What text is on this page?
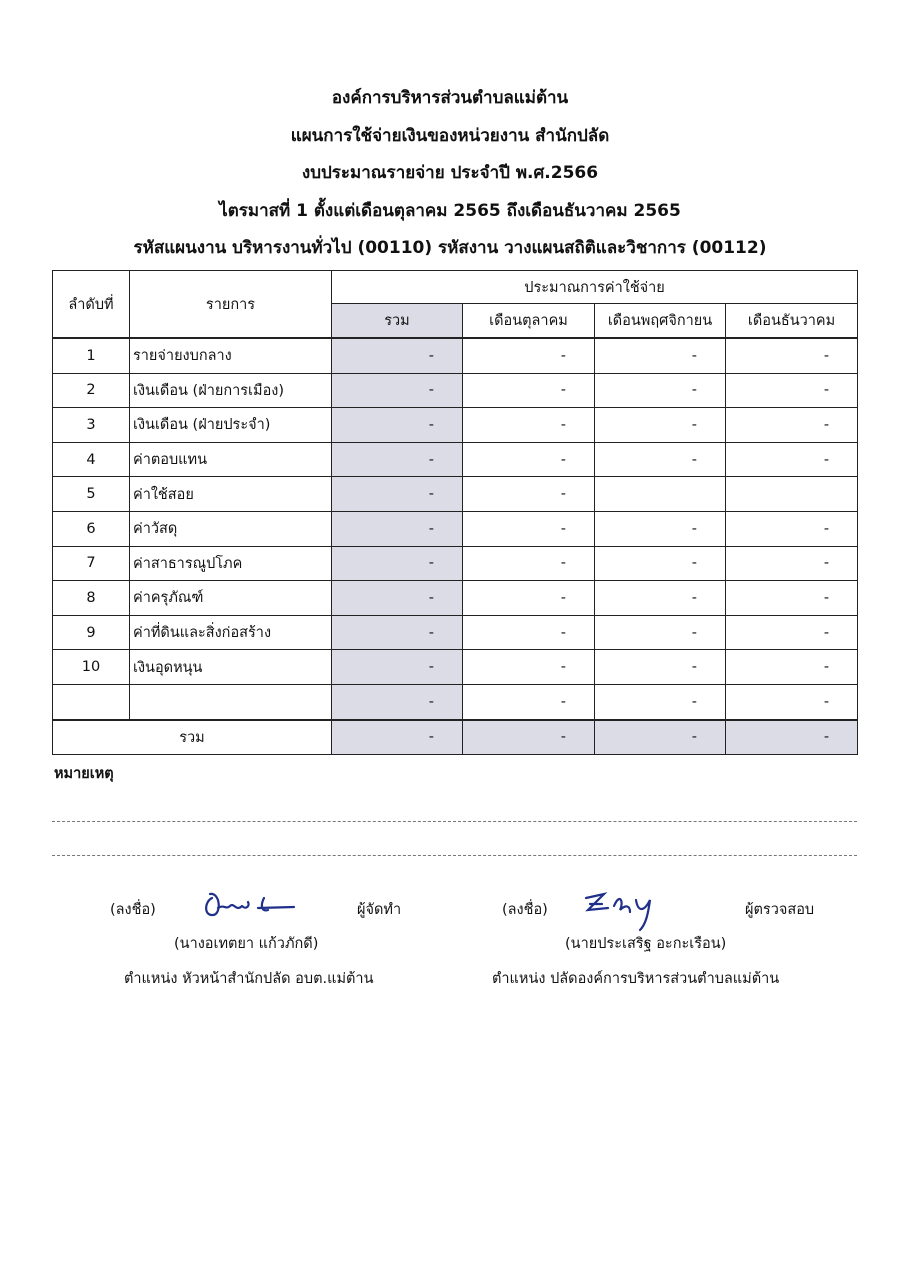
องค์การบริหารส่วนตำบลแม่ต้าน
แผนการใช้จ่ายเงินของหน่วยงาน สำนักปลัด
งบประมาณรายจ่าย ประจำปี พ.ศ.2566
ไตรมาสที่ 1 ตั้งแต่เดือนตุลาคม 2565 ถึงเดือนธันวาคม 2565
รหัสแผนงาน บริหารงานทั่วไป (00110) รหัสงาน วางแผนสถิติและวิชาการ (00112)
ลำดับที่	รายการ	ประมาณการค่าใช้จ่าย			
		รวม	เดือนตุลาคม	เดือนพฤศจิกายน	เดือนธันวาคม
1	รายจ่ายงบกลาง	-	-	-	-
2	เงินเดือน (ฝ่ายการเมือง)	-	-	-	-
3	เงินเดือน (ฝ่ายประจำ)	-	-	-	-
4	ค่าตอบแทน	-	-	-	-
5	ค่าใช้สอย	-	-		
6	ค่าวัสดุ	-	-	-	-
7	ค่าสาธารณูปโภค	-	-	-	-
8	ค่าครุภัณฑ์	-	-	-	-
9	ค่าที่ดินและสิ่งก่อสร้าง	-	-	-	-
10	เงินอุดหนุน	-	-	-	-
		-	-	-	-
รวม		-	-	-	-
หมายเหตุ
(ลงชื่อ)	ผู้จัดทำ
(นางอเทตยา แก้วภักดี)
ตำแหน่ง หัวหน้าสำนักปลัด อบต.แม่ต้าน
(ลงชื่อ)	ผู้ตรวจสอบ
(นายประเสริฐ อะกะเรือน)
ตำแหน่ง ปลัดองค์การบริหารส่วนตำบลแม่ต้าน
